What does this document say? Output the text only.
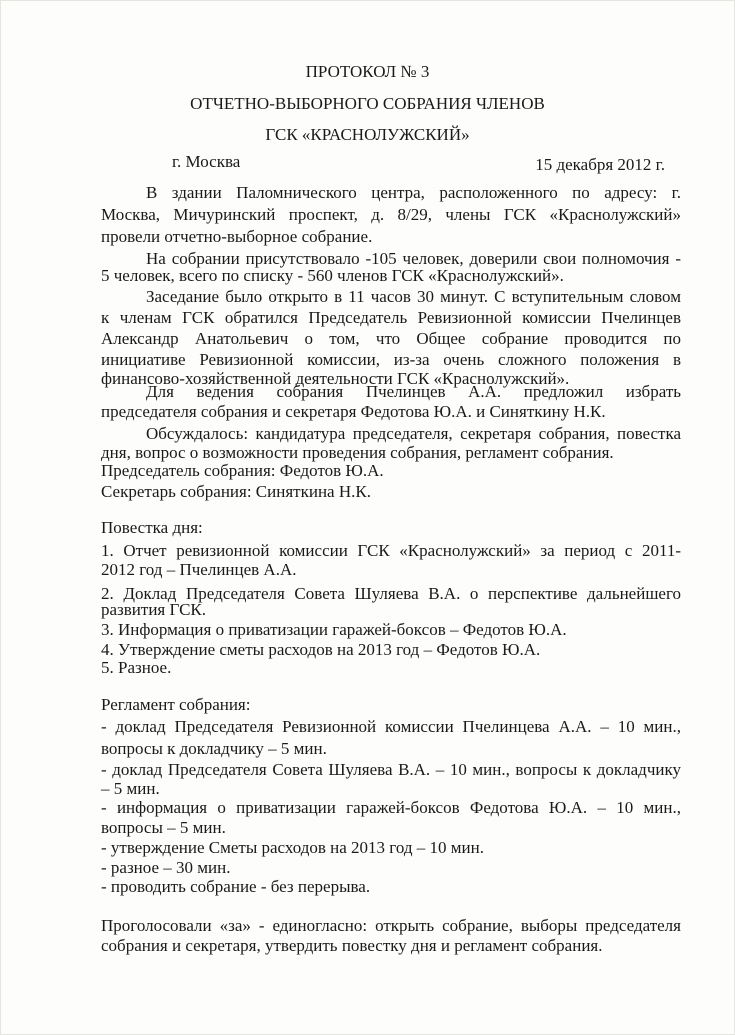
ПРОТОКОЛ № 3
ОТЧЕТНО-ВЫБОРНОГО СОБРАНИЯ ЧЛЕНОВ
ГСК «КРАСНОЛУЖСКИЙ»
г. Москва	15 декабря 2012 г.
В здании Паломнического центра, расположенного по адресу: г.
Москва, Мичуринский проспект, д. 8/29, члены ГСК «Краснолужский»
провели отчетно-выборное собрание.
На собрании присутствовало -105 человек, доверили свои полномочия -
5 человек, всего по списку - 560 членов ГСК «Краснолужский».
Заседание было открыто в 11 часов 30 минут. С вступительным словом
к членам ГСК обратился Председатель Ревизионной комиссии Пчелинцев
Александр Анатольевич о том, что Общее собрание проводится по
инициативе Ревизионной комиссии, из-за очень сложного положения в
финансово-хозяйственной деятельности ГСК «Краснолужский».
Для ведения собрания Пчелинцев А.А. предложил избрать
председателя собрания и секретаря Федотова Ю.А. и Синяткину Н.К.
Обсуждалось: кандидатура председателя, секретаря собрания, повестка
дня, вопрос о возможности проведения собрания, регламент собрания.
Председатель собрания: Федотов Ю.А.
Секретарь собрания: Синяткина Н.К.
Повестка дня:
1. Отчет ревизионной комиссии ГСК «Краснолужский» за период с 2011-
2012 год – Пчелинцев А.А.
2. Доклад Председателя Совета Шуляева В.А. о перспективе дальнейшего
развития ГСК.
3. Информация о приватизации гаражей-боксов – Федотов Ю.А.
4. Утверждение сметы расходов на 2013 год – Федотов Ю.А.
5. Разное.
Регламент собрания:
- доклад Председателя Ревизионной комиссии Пчелинцева А.А. – 10 мин.,
вопросы к докладчику – 5 мин.
- доклад Председателя Совета Шуляева В.А. – 10 мин., вопросы к докладчику
– 5 мин.
- информация о приватизации гаражей-боксов Федотова Ю.А. – 10 мин.,
вопросы – 5 мин.
- утверждение Сметы расходов на 2013 год – 10 мин.
- разное – 30 мин.
- проводить собрание - без перерыва.
Проголосовали «за» - единогласно: открыть собрание, выборы председателя
собрания и секретаря, утвердить повестку дня и регламент собрания.
